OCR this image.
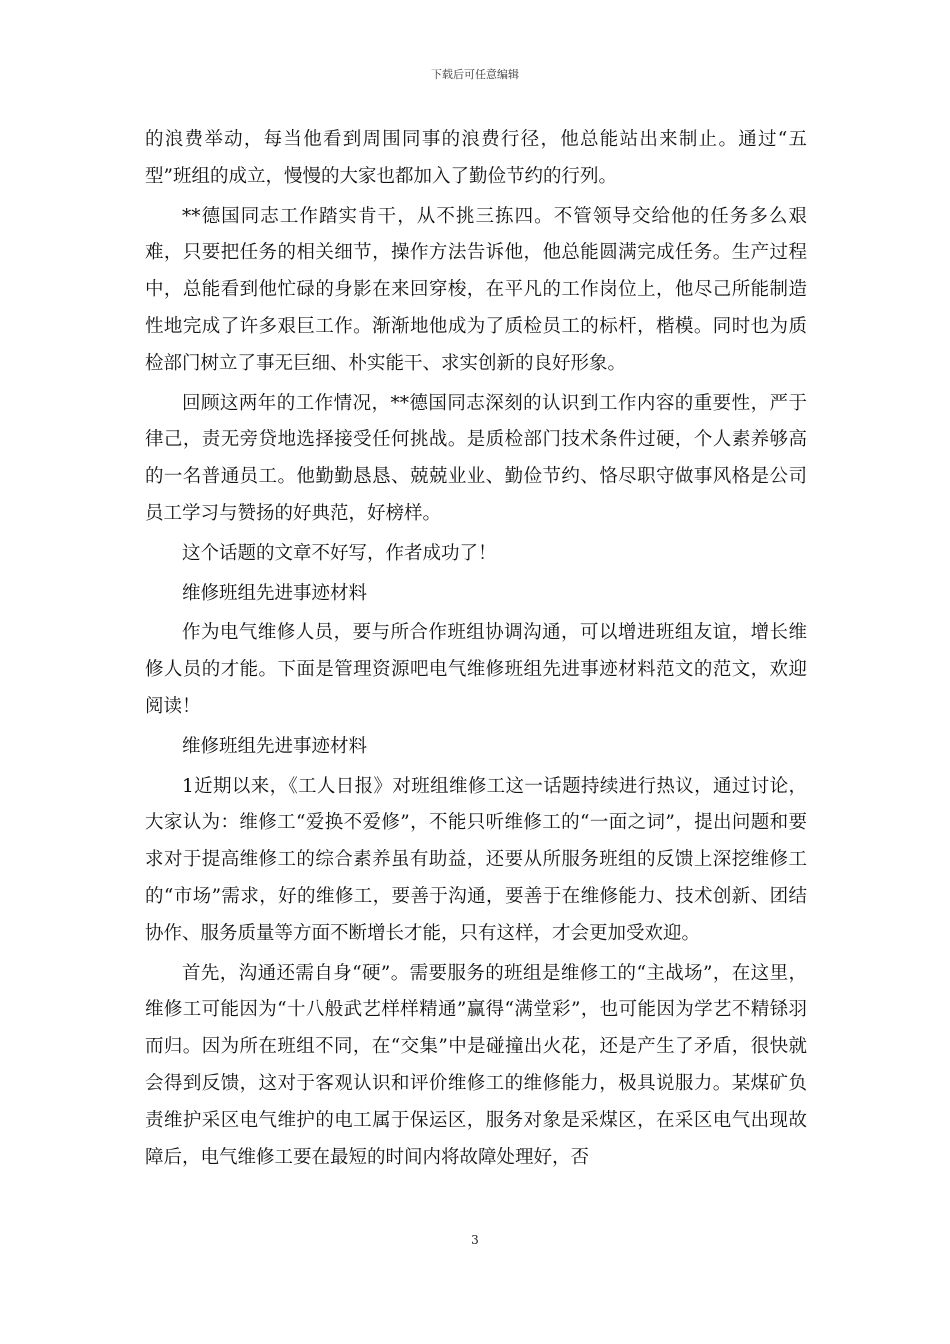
下载后可任意编辑

的浪费举动，每当他看到周围同事的浪费行径，他总能站出来制止。通过“五型”班组的成立，慢慢的大家也都加入了勤俭节约的行列。

**德国同志工作踏实肯干，从不挑三拣四。不管领导交给他的任务多么艰难，只要把任务的相关细节，操作方法告诉他，他总能圆满完成任务。生产过程中，总能看到他忙碌的身影在来回穿梭，在平凡的工作岗位上，他尽己所能制造性地完成了许多艰巨工作。渐渐地他成为了质检员工的标杆，楷模。同时也为质检部门树立了事无巨细、朴实能干、求实创新的良好形象。

回顾这两年的工作情况，**德国同志深刻的认识到工作内容的重要性，严于律己，责无旁贷地选择接受任何挑战。是质检部门技术条件过硬，个人素养够高的一名普通员工。他勤勤恳恳、兢兢业业、勤俭节约、恪尽职守做事风格是公司员工学习与赞扬的好典范，好榜样。

这个话题的文章不好写，作者成功了！

维修班组先进事迹材料

作为电气维修人员，要与所合作班组协调沟通，可以增进班组友谊，增长维修人员的才能。下面是管理资源吧电气维修班组先进事迹材料范文的范文，欢迎阅读！

维修班组先进事迹材料

1近期以来，《工人日报》对班组维修工这一话题持续进行热议，通过讨论，大家认为：维修工“爱换不爱修”，不能只听维修工的“一面之词”，提出问题和要求对于提高维修工的综合素养虽有助益，还要从所服务班组的反馈上深挖维修工的“市场”需求，好的维修工，要善于沟通，要善于在维修能力、技术创新、团结协作、服务质量等方面不断增长才能，只有这样，才会更加受欢迎。

首先，沟通还需自身“硬”。需要服务的班组是维修工的“主战场”，在这里，维修工可能因为“十八般武艺样样精通”赢得“满堂彩”，也可能因为学艺不精铩羽而归。因为所在班组不同，在“交集”中是碰撞出火花，还是产生了矛盾，很快就会得到反馈，这对于客观认识和评价维修工的维修能力，极具说服力。某煤矿负责维护采区电气维护的电工属于保运区，服务对象是采煤区，在采区电气出现故障后，电气维修工要在最短的时间内将故障处理好，否

3
